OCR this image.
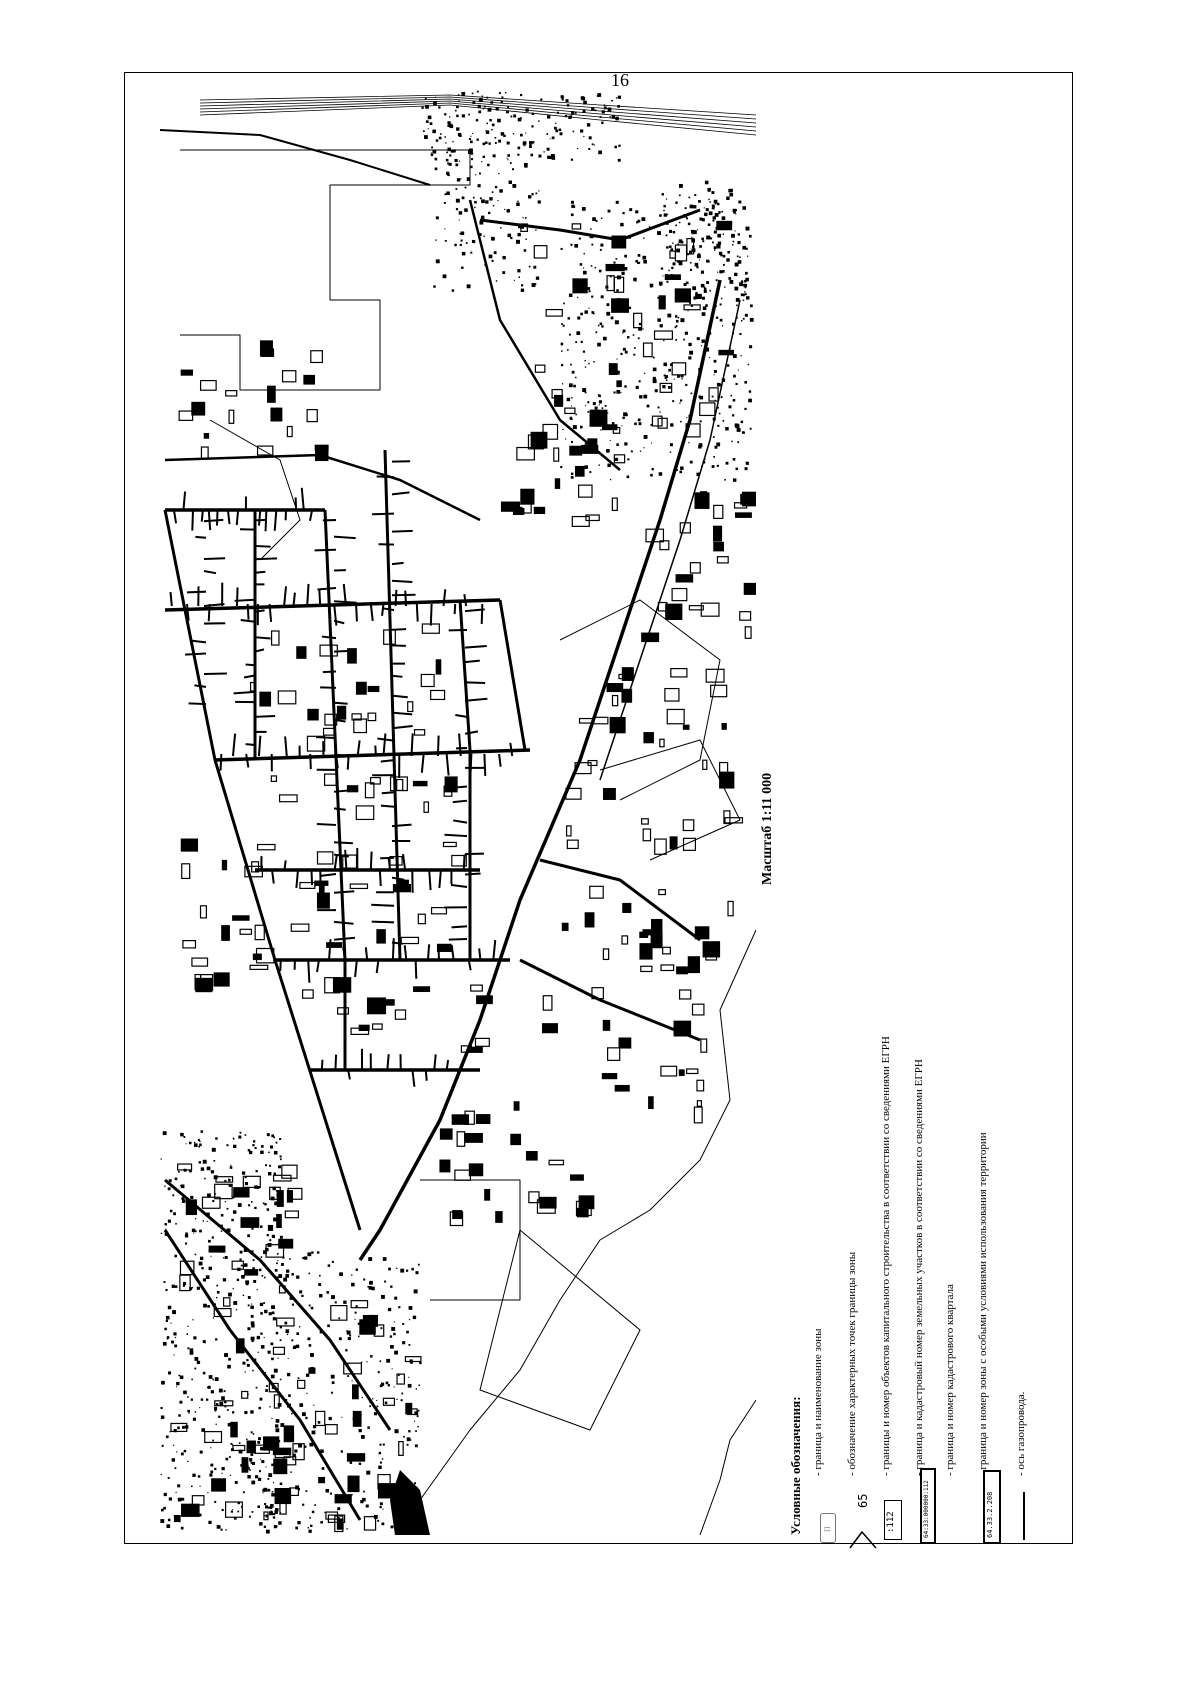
16
Масштаб 1:11 000
Условные обозначения:	П
65
:112	64:33:000000:112	64.33.2.208
- граница и наименование зоны - обозначение характерных точек границы зоны - границы и номер объектов капитального строительства в соответствии со сведениями ЕГРН - граница и кадастровый номер земельных участков в соответствии со сведениями ЕГРН - граница и номер кадастрового квартала - граница и номер зоны с особыми условиями использования территории - ось газопровода.
